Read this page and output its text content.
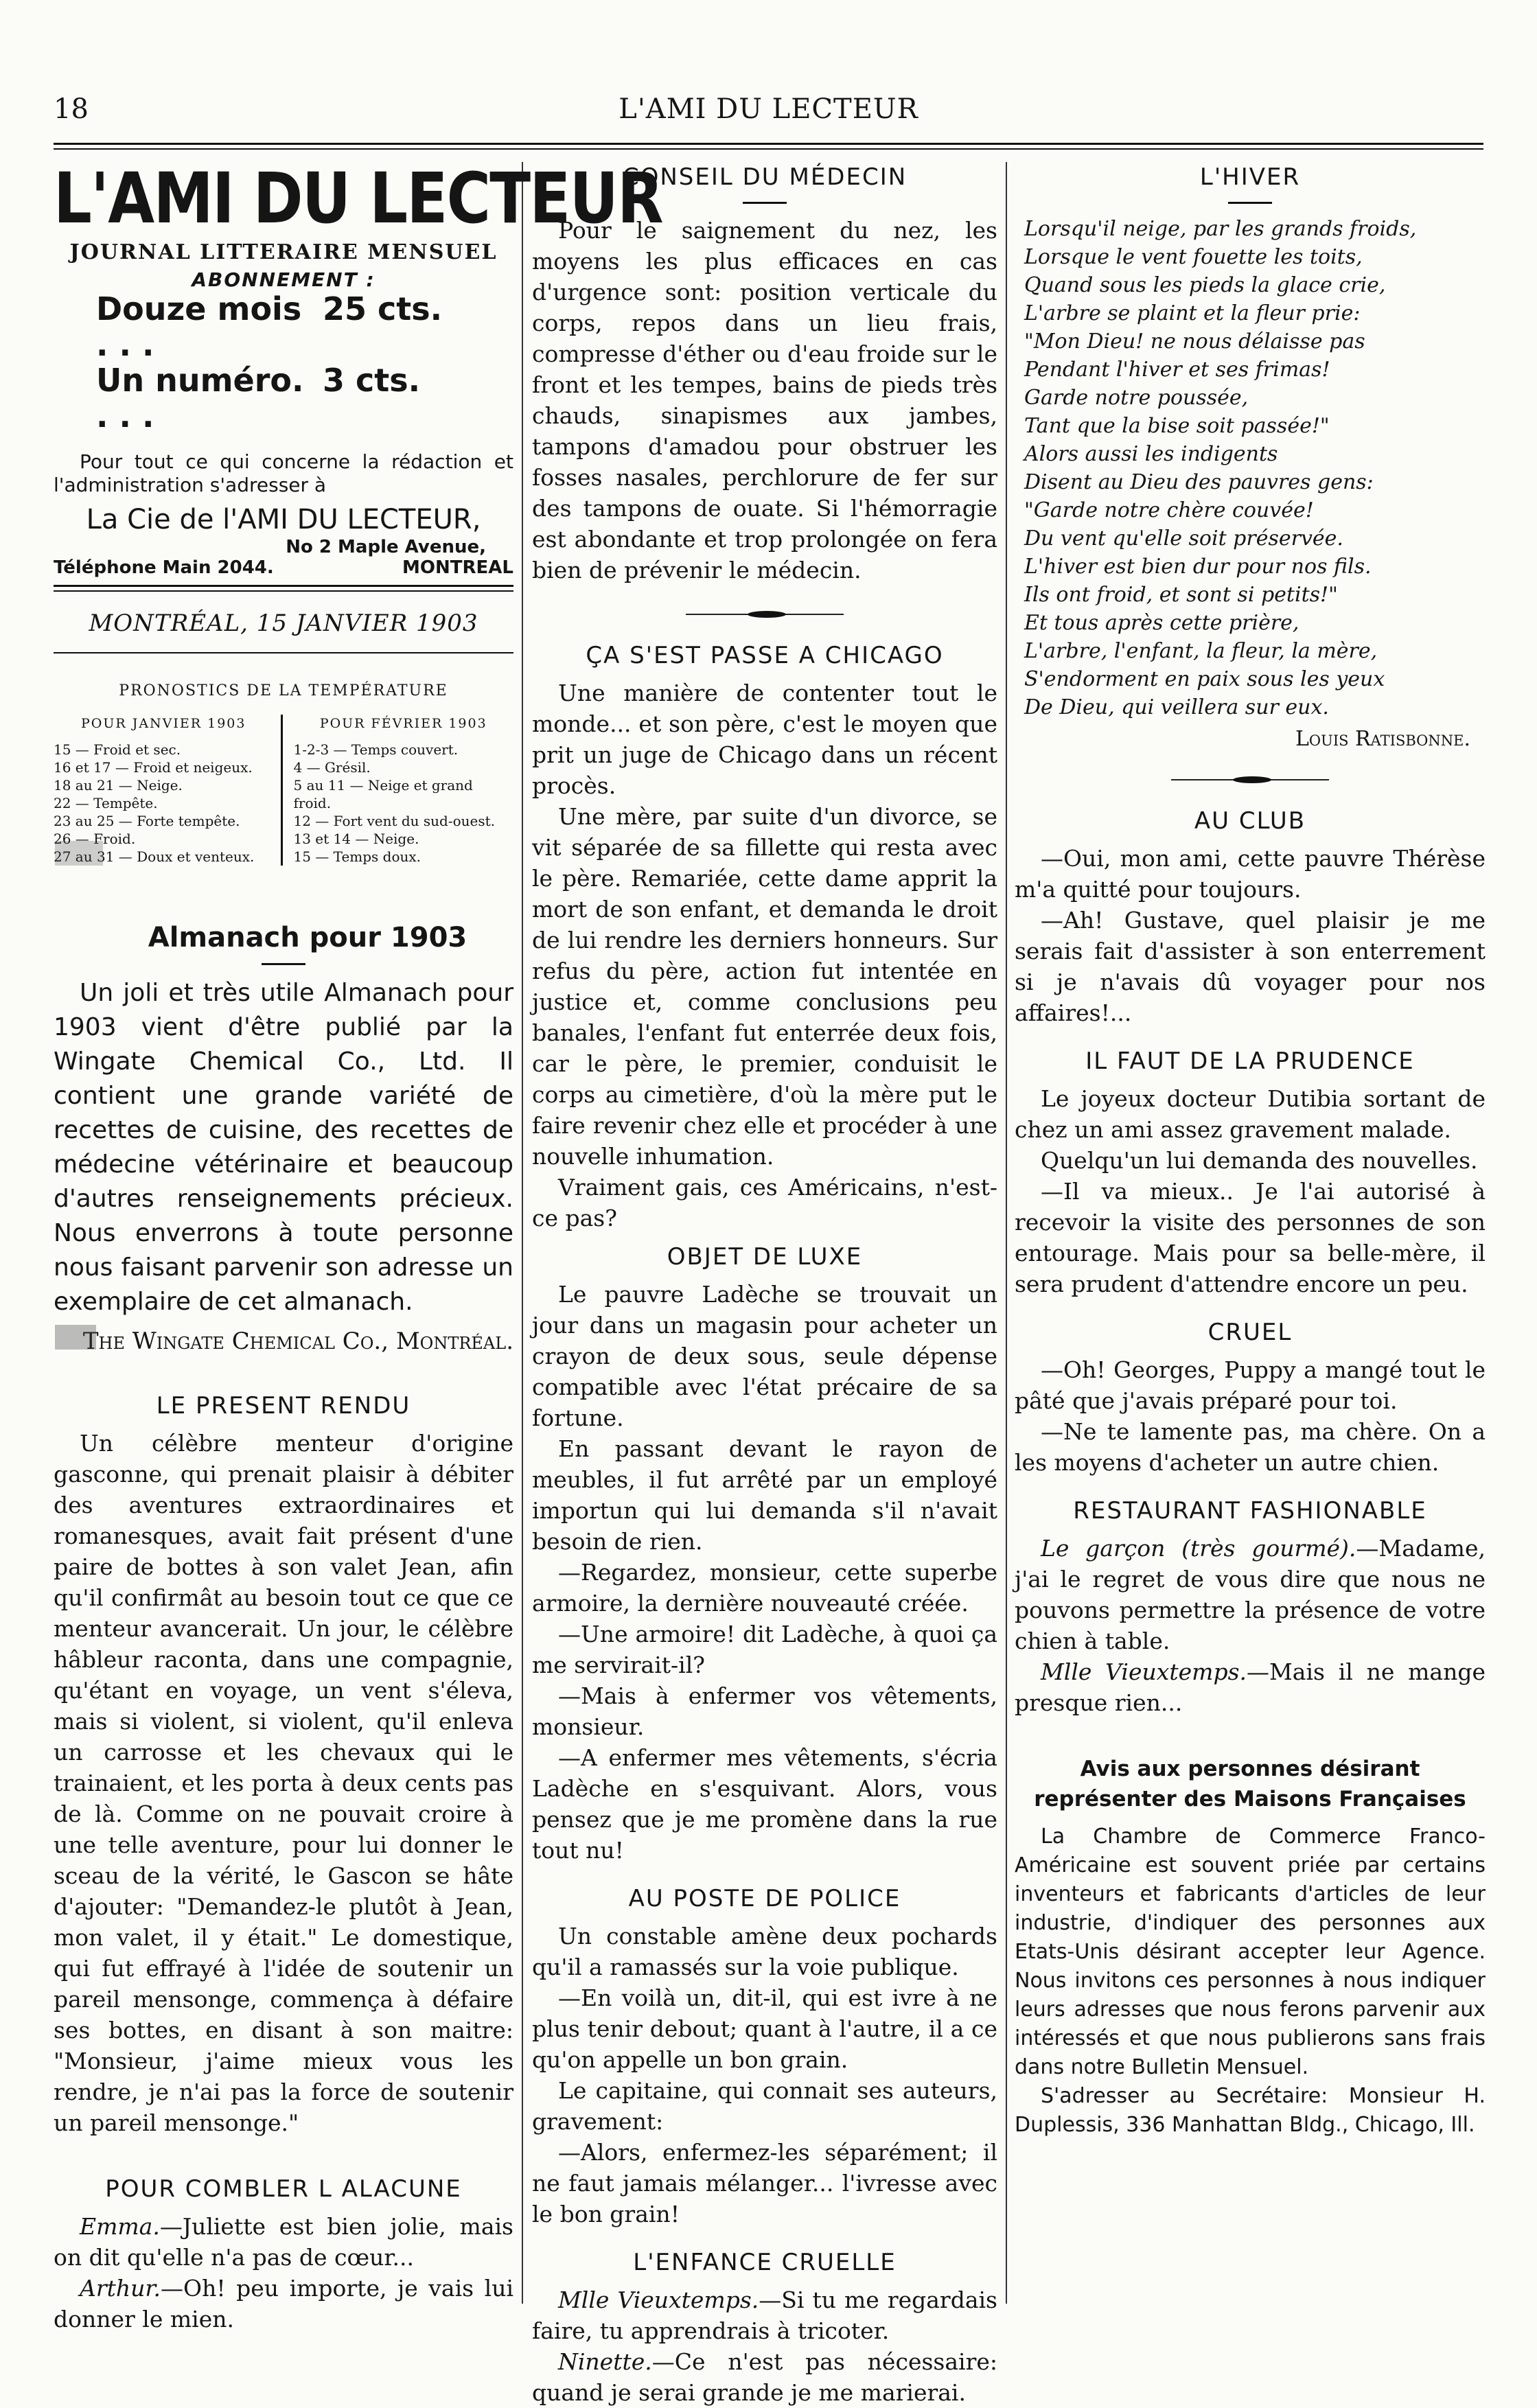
18	L'AMI DU LECTEUR
L'AMI DU LECTEUR
JOURNAL LITTERAIRE MENSUEL
ABONNEMENT :
Douze mois . . .
25 cts.
Un numéro. . . .
3 cts.
Pour tout ce qui concerne la rédaction et l'administration s'adresser à
La Cie de l'AMI DU LECTEUR,
No 2 Maple Avenue,
Téléphone Main 2044.	MONTREAL
MONTRÉAL, 15 JANVIER 1903
PRONOSTICS DE LA TEMPÉRATURE
POUR JANVIER 1903
15 — Froid et sec.
16 et 17 — Froid et neigeux.
18 au 21 — Neige.
22 — Tempête.
23 au 25 — Forte tempête.
26 — Froid.
27 au 31 — Doux et venteux.
POUR FÉVRIER 1903
1-2-3 — Temps couvert.
4 — Grésil.
5 au 11 — Neige et grand froid.
12 — Fort vent du sud-ouest.
13 et 14 — Neige.
15 — Temps doux.
Almanach pour 1903

Un joli et très utile Almanach pour 1903 vient d'être publié par la Wingate Chemical Co., Ltd. Il contient une grande variété de recettes de cuisine, des recettes de médecine vétérinaire et beaucoup d'autres renseignements précieux. Nous enverrons à toute personne nous faisant parvenir son adresse un exemplaire de cet almanach.

The Wingate Chemical Co., Montréal.
LE PRESENT RENDU

Un célèbre menteur d'origine gasconne, qui prenait plaisir à débiter des aventures extraordinaires et romanesques, avait fait présent d'une paire de bottes à son valet Jean, afin qu'il confirmât au besoin tout ce que ce menteur avancerait. Un jour, le célèbre hâbleur raconta, dans une compagnie, qu'étant en voyage, un vent s'éleva, mais si violent, si violent, qu'il enleva un carrosse et les chevaux qui le trainaient, et les porta à deux cents pas de là. Comme on ne pouvait croire à une telle aventure, pour lui donner le sceau de la vérité, le Gascon se hâte d'ajouter: "Demandez-le plutôt à Jean, mon valet, il y était." Le domestique, qui fut effrayé à l'idée de soutenir un pareil mensonge, commença à défaire ses bottes, en disant à son maitre: "Monsieur, j'aime mieux vous les rendre, je n'ai pas la force de soutenir un pareil mensonge."

POUR COMBLER L ALACUNE

Emma.—Juliette est bien jolie, mais on dit qu'elle n'a pas de cœur...

Arthur.—Oh! peu importe, je vais lui donner le mien.

CONSEIL DU MÉDECIN

Pour le saignement du nez, les moyens les plus efficaces en cas d'urgence sont: position verticale du corps, repos dans un lieu frais, compresse d'éther ou d'eau froide sur le front et les tempes, bains de pieds très chauds, sinapismes aux jambes, tampons d'amadou pour obstruer les fosses nasales, perchlorure de fer sur des tampons de ouate. Si l'hémorragie est abondante et trop prolongée on fera bien de prévenir le médecin.

ÇA S'EST PASSE A CHICAGO

Une manière de contenter tout le monde... et son père, c'est le moyen que prit un juge de Chicago dans un récent procès.

Une mère, par suite d'un divorce, se vit séparée de sa fillette qui resta avec le père. Remariée, cette dame apprit la mort de son enfant, et demanda le droit de lui rendre les derniers honneurs. Sur refus du père, action fut intentée en justice et, comme conclusions peu banales, l'enfant fut enterrée deux fois, car le père, le premier, conduisit le corps au cimetière, d'où la mère put le faire revenir chez elle et procéder à une nouvelle inhumation.

Vraiment gais, ces Américains, n'est-ce pas?

OBJET DE LUXE

Le pauvre Ladèche se trouvait un jour dans un magasin pour acheter un crayon de deux sous, seule dépense compatible avec l'état précaire de sa fortune.

En passant devant le rayon de meubles, il fut arrêté par un employé importun qui lui demanda s'il n'avait besoin de rien.

—Regardez, monsieur, cette superbe armoire, la dernière nouveauté créée.

—Une armoire! dit Ladèche, à quoi ça me servirait-il?

—Mais à enfermer vos vêtements, monsieur.

—A enfermer mes vêtements, s'écria Ladèche en s'esquivant. Alors, vous pensez que je me promène dans la rue tout nu!

AU POSTE DE POLICE

Un constable amène deux pochards qu'il a ramassés sur la voie publique.

—En voilà un, dit-il, qui est ivre à ne plus tenir debout; quant à l'autre, il a ce qu'on appelle un bon grain.

Le capitaine, qui connait ses auteurs, gravement:

—Alors, enfermez-les séparément; il ne faut jamais mélanger... l'ivresse avec le bon grain!

L'ENFANCE CRUELLE

Mlle Vieuxtemps.—Si tu me regardais faire, tu apprendrais à tricoter.

Ninette.—Ce n'est pas nécessaire: quand je serai grande je me marierai.

L'HIVER
Lorsqu'il neige, par les grands froids,
Lorsque le vent fouette les toits,
Quand sous les pieds la glace crie,
L'arbre se plaint et la fleur prie:
"Mon Dieu! ne nous délaisse pas
Pendant l'hiver et ses frimas!
Garde notre poussée,
Tant que la bise soit passée!"
Alors aussi les indigents
Disent au Dieu des pauvres gens:
"Garde notre chère couvée!
Du vent qu'elle soit préservée.
L'hiver est bien dur pour nos fils.
Ils ont froid, et sont si petits!"
Et tous après cette prière,
L'arbre, l'enfant, la fleur, la mère,
S'endorment en paix sous les yeux
De Dieu, qui veillera sur eux.
Louis Ratisbonne.
AU CLUB

—Oui, mon ami, cette pauvre Thérèse m'a quitté pour toujours.

—Ah! Gustave, quel plaisir je me serais fait d'assister à son enterrement si je n'avais dû voyager pour nos affaires!...

IL FAUT DE LA PRUDENCE

Le joyeux docteur Dutibia sortant de chez un ami assez gravement malade.

Quelqu'un lui demanda des nouvelles.

—Il va mieux.. Je l'ai autorisé à recevoir la visite des personnes de son entourage. Mais pour sa belle-mère, il sera prudent d'attendre encore un peu.

CRUEL

—Oh! Georges, Puppy a mangé tout le pâté que j'avais préparé pour toi.

—Ne te lamente pas, ma chère. On a les moyens d'acheter un autre chien.

RESTAURANT FASHIONABLE

Le garçon (très gourmé).—Madame, j'ai le regret de vous dire que nous ne pouvons permettre la présence de votre chien à table.

Mlle Vieuxtemps.—Mais il ne mange presque rien...

Avis aux personnes désirant représenter des Maisons Françaises

La Chambre de Commerce Franco-Américaine est souvent priée par certains inventeurs et fabricants d'articles de leur industrie, d'indiquer des personnes aux Etats-Unis désirant accepter leur Agence. Nous invitons ces personnes à nous indiquer leurs adresses que nous ferons parvenir aux intéressés et que nous publierons sans frais dans notre Bulletin Mensuel.

S'adresser au Secrétaire: Monsieur H. Duplessis, 336 Manhattan Bldg., Chicago, Ill.
